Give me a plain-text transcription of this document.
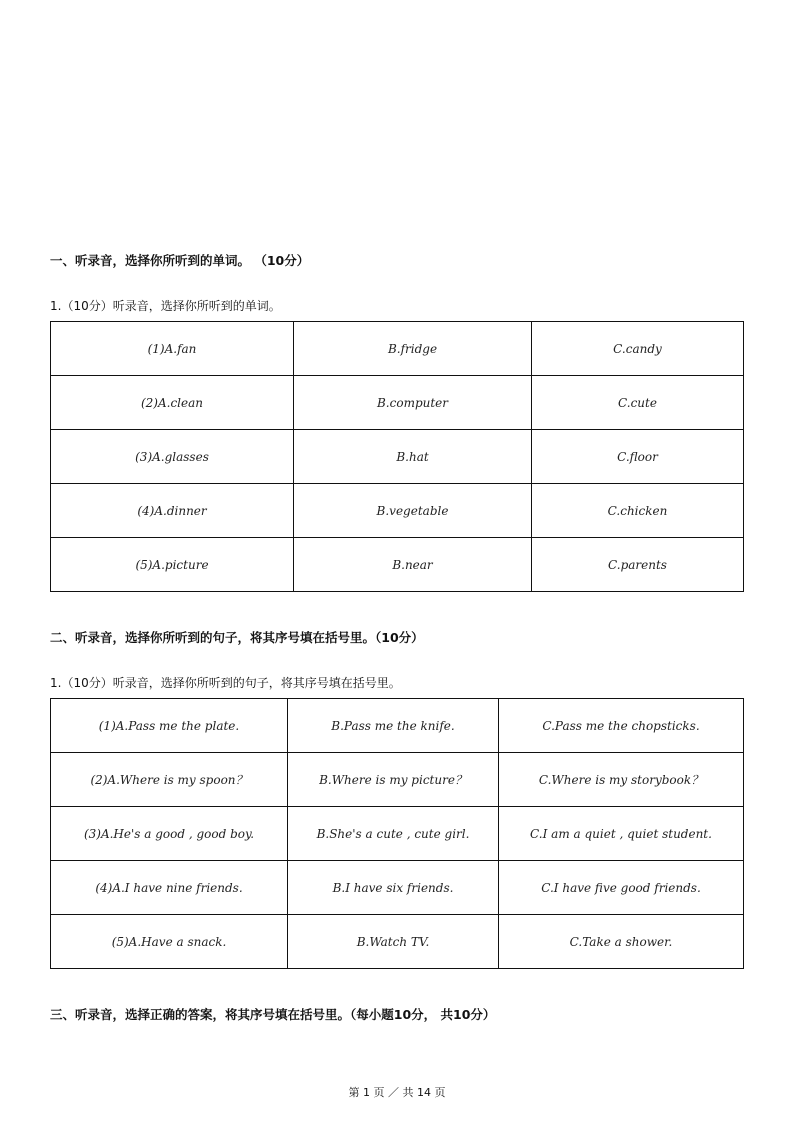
一、听录音，选择你所听到的单词。 （10分）
1.（10分）听录音，选择你所听到的单词。
(1)A.fan	B.fridge	C.candy
(2)A.clean	B.computer	C.cute
(3)A.glasses	B.hat	C.floor
(4)A.dinner	B.vegetable	C.chicken
(5)A.picture	B.near	C.parents
二、听录音，选择你所听到的句子，将其序号填在括号里。（10分）
1.（10分）听录音，选择你所听到的句子，将其序号填在括号里。
(1)A.Pass me the plate.	B.Pass me the knife.	C.Pass me the chopsticks.
(2)A.Where is my spoon？	B.Where is my picture？	C.Where is my storybook？
(3)A.He's a good , good boy.	B.She's a cute , cute girl.	C.I am a quiet , quiet student.
(4)A.I have nine friends.	B.I have six friends.	C.I have five good friends.
(5)A.Have a snack.	B.Watch TV.	C.Take a shower.
三、听录音，选择正确的答案，将其序号填在括号里。（每小题10分， 共10分）
第 1 页 ／ 共 14 页
